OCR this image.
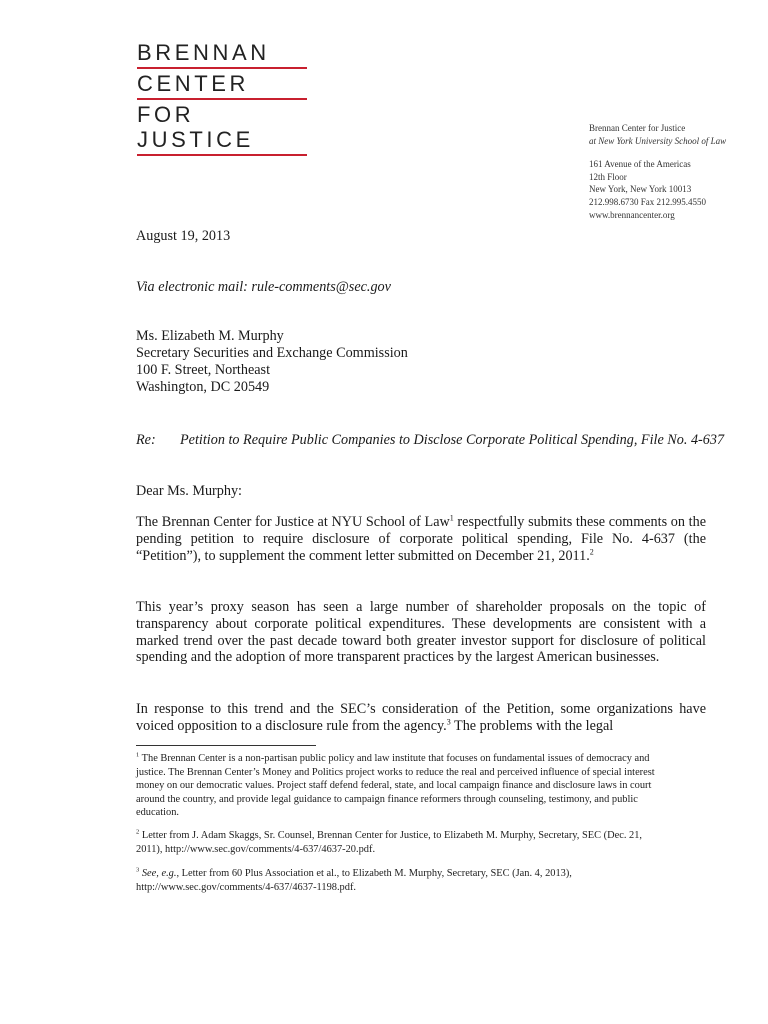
BRENNAN
CENTER
FOR JUSTICE	Brennan Center for Justice
at New York University School of Law
161 Avenue of the Americas
12th Floor
New York, New York 10013
212.998.6730 Fax 212.995.4550
www.brennancenter.org
August 19, 2013
Via electronic mail: rule-comments@sec.gov
Ms. Elizabeth M. Murphy
Secretary Securities and Exchange Commission
100 F. Street, Northeast
Washington, DC 20549
Re: Petition to Require Public Companies to Disclose Corporate Political Spending, File No. 4-637
Dear Ms. Murphy:
The Brennan Center for Justice at NYU School of Law$^1$ respectfully submits these comments on the pending petition to require disclosure of corporate political spending, File No. 4-637 (the “Petition”), to supplement the comment letter submitted on December 21, 2011.$^2$
This year’s proxy season has seen a large number of shareholder proposals on the topic of transparency about corporate political expenditures. These developments are consistent with a marked trend over the past decade toward both greater investor support for disclosure of political spending and the adoption of more transparent practices by the largest American businesses.
In response to this trend and the SEC’s consideration of the Petition, some organizations have voiced opposition to a disclosure rule from the agency.$^3$ The problems with the legal
$^1$ The Brennan Center is a non-partisan public policy and law institute that focuses on fundamental issues of democracy and justice. The Brennan Center’s Money and Politics project works to reduce the real and perceived influence of special interest money on our democratic values. Project staff defend federal, state, and local campaign finance and disclosure laws in court around the country, and provide legal guidance to campaign finance reformers through counseling, testimony, and public education.
$^2$ Letter from J. Adam Skaggs, Sr. Counsel, Brennan Center for Justice, to Elizabeth M. Murphy, Secretary, SEC (Dec. 21, 2011), http://www.sec.gov/comments/4-637/4637-20.pdf.
$^3$ See, e.g., Letter from 60 Plus Association et al., to Elizabeth M. Murphy, Secretary, SEC (Jan. 4, 2013), http://www.sec.gov/comments/4-637/4637-1198.pdf.
